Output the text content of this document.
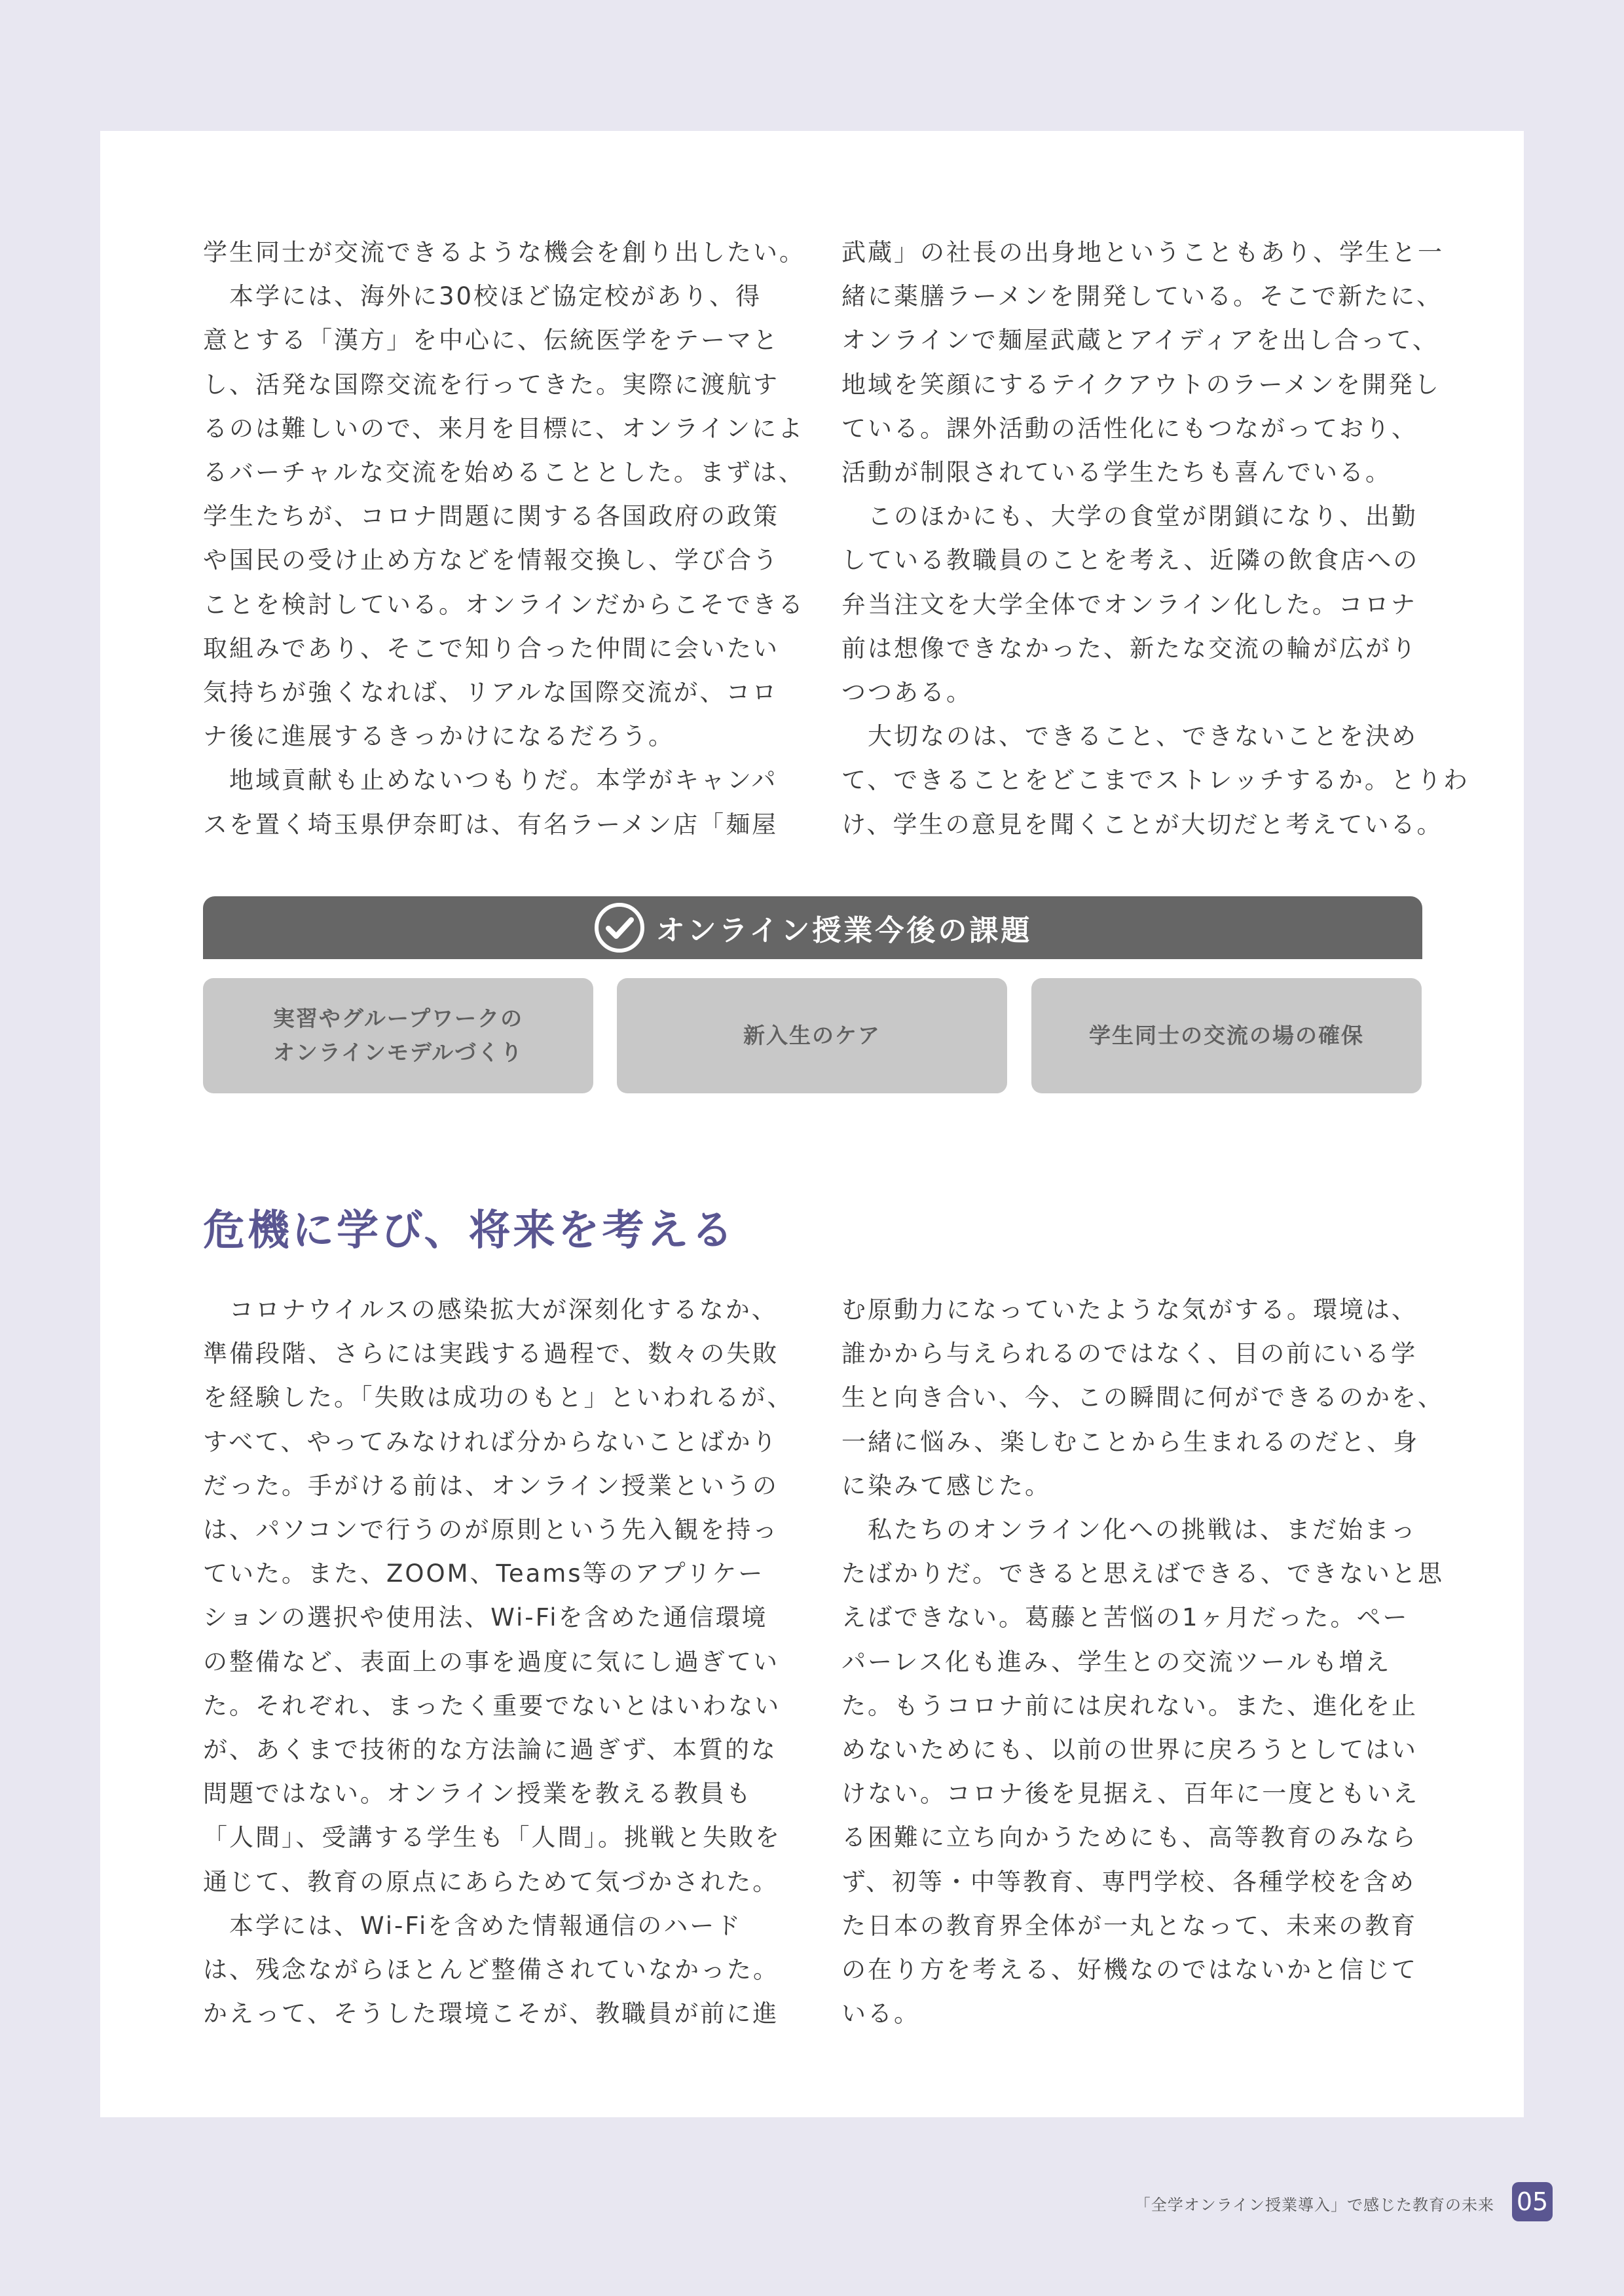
学生同士が交流できるような機会を創り出したい。

本学には、海外に30校ほど協定校があり、得

意とする「漢方」を中心に、伝統医学をテーマと

し、活発な国際交流を行ってきた。実際に渡航す

るのは難しいので、来月を目標に、オンラインによ

るバーチャルな交流を始めることとした。まずは、

学生たちが、コロナ問題に関する各国政府の政策

や国民の受け止め方などを情報交換し、学び合う

ことを検討している。オンラインだからこそできる

取組みであり、そこで知り合った仲間に会いたい

気持ちが強くなれば、リアルな国際交流が、コロ

ナ後に進展するきっかけになるだろう。

地域貢献も止めないつもりだ。本学がキャンパ

スを置く埼玉県伊奈町は、有名ラーメン店「麺屋

武蔵」の社長の出身地ということもあり、学生と一

緒に薬膳ラーメンを開発している。そこで新たに、

オンラインで麺屋武蔵とアイディアを出し合って、

地域を笑顔にするテイクアウトのラーメンを開発し

ている。課外活動の活性化にもつながっており、

活動が制限されている学生たちも喜んでいる。

このほかにも、大学の食堂が閉鎖になり、出勤

している教職員のことを考え、近隣の飲食店への

弁当注文を大学全体でオンライン化した。コロナ

前は想像できなかった、新たな交流の輪が広がり

つつある。

大切なのは、できること、できないことを決め

て、できることをどこまでストレッチするか。とりわ

け、学生の意見を聞くことが大切だと考えている。

オンライン授業今後の課題
実習やグループワークの
オンラインモデルづくり
新入生のケア	学生同士の交流の場の確保
危機に学び、将来を考える

コロナウイルスの感染拡大が深刻化するなか、

準備段階、さらには実践する過程で、数々の失敗

を経験した。「失敗は成功のもと」といわれるが、

すべて、やってみなければ分からないことばかり

だった。手がける前は、オンライン授業というの

は、パソコンで行うのが原則という先入観を持っ

ていた。また、ZOOM、Teams等のアプリケー

ションの選択や使用法、Wi-Fiを含めた通信環境

の整備など、表面上の事を過度に気にし過ぎてい

た。それぞれ、まったく重要でないとはいわない

が、あくまで技術的な方法論に過ぎず、本質的な

問題ではない。オンライン授業を教える教員も

「人間」、受講する学生も「人間」。挑戦と失敗を

通じて、教育の原点にあらためて気づかされた。

本学には、Wi-Fiを含めた情報通信のハード

は、残念ながらほとんど整備されていなかった。

かえって、そうした環境こそが、教職員が前に進

む原動力になっていたような気がする。環境は、

誰かから与えられるのではなく、目の前にいる学

生と向き合い、今、この瞬間に何ができるのかを、

一緒に悩み、楽しむことから生まれるのだと、身

に染みて感じた。

私たちのオンライン化への挑戦は、まだ始まっ

たばかりだ。できると思えばできる、できないと思

えばできない。葛藤と苦悩の1ヶ月だった。ペー

パーレス化も進み、学生との交流ツールも増え

た。もうコロナ前には戻れない。また、進化を止

めないためにも、以前の世界に戻ろうとしてはい

けない。コロナ後を見据え、百年に一度ともいえ

る困難に立ち向かうためにも、高等教育のみなら

ず、初等・中等教育、専門学校、各種学校を含め

た日本の教育界全体が一丸となって、未来の教育

の在り方を考える、好機なのではないかと信じて

いる。

「全学オンライン授業導入」で感じた教育の未来 05
